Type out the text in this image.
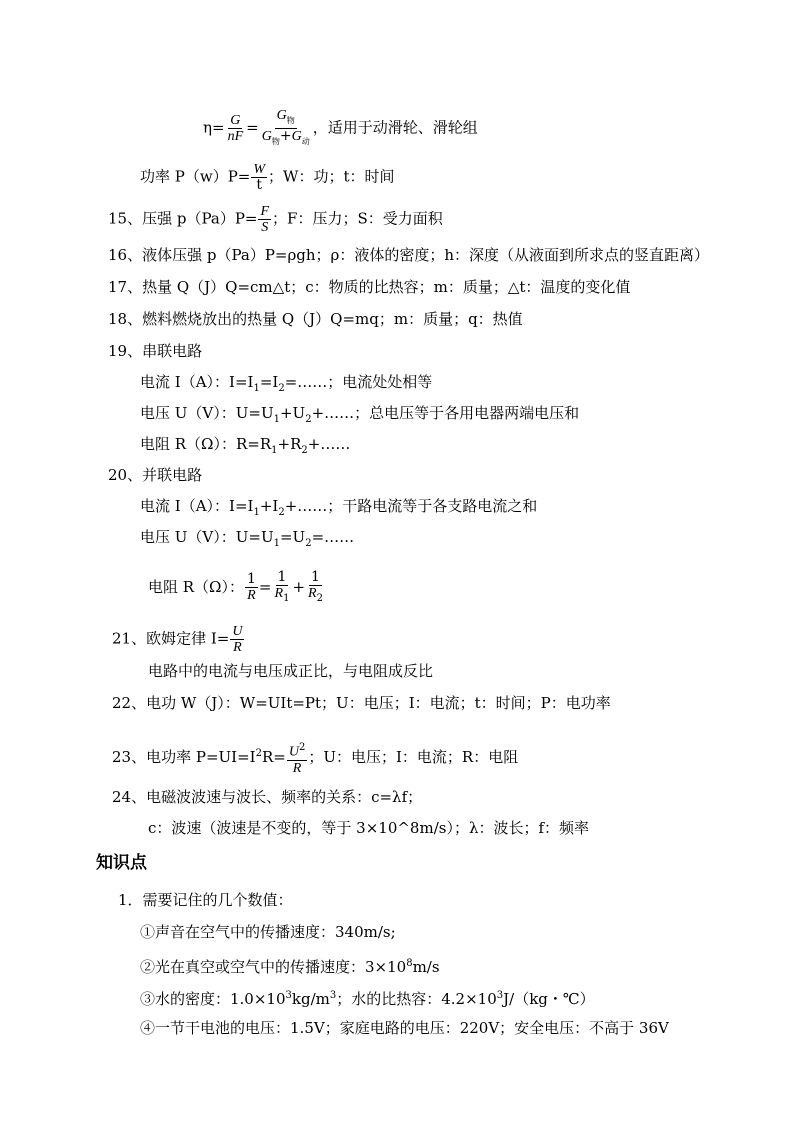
$\eta= \frac{G}{nF} = \frac{G_物}{G_物+G_动}$ ，适用于动滑轮、滑轮组
功率 $P(w)P= \frac{W}{t}$ ；W：功；t：时间
15、压强 $p(Pa)P= \frac{F}{S}$ ；F：压力；S：受力面积
16、液体压强 p（Pa）P=ρgh；ρ：液体的密度；h：深度（从液面到所求点的竖直距离）
17、热量 Q（J）Q=cm△t；c：物质的比热容；m：质量；△t：温度的变化值
18、燃料燃烧放出的热量 Q（J）Q=mq；m：质量；q：热值
19、串联电路
电流 I（A）：$I=I_1=I_2=\dots\dots$；电流处处相等
电压 U（V）：$U=U_1+U_2+\dots\dots$；总电压等于各用电器两端电压和
电阻 R（Ω）：$R=R_1+R_2+\dots\dots$
20、并联电路
电流 I（A）：$I=I_1+I_2+\dots\dots$；干路电流等于各支路电流之和
电压 U（V）：$U=U_1=U_2=\dots\dots$
电阻 R（Ω）： $\frac{1}{R} = \frac{1}{R_1} + \frac{1}{R_2}$
21、欧姆定律 $I= \frac{U}{R}$
电路中的电流与电压成正比，与电阻成反比
22、电功 W（J）：W=UIt=Pt；U：电压；I：电流；t：时间；P：电功率
23、电功率 $P=UI=I^2R= \frac{U^2}{R}$ ；U：电压；I：电流；R：电阻
24、电磁波波速与波长、频率的关系：c=λf；
c：波速（波速是不变的，等于 3×10^8m/s）；λ：波长；f：频率
知识点
1．需要记住的几个数值：
①声音在空气中的传播速度：340m/s;
②光在真空或空气中的传播速度：$3\times 10^8m/s$
③水的密度：$1.0\times 10^3kg/m^3$；水的比热容：$4.2\times 10^3J/(kg$・℃）
④一节干电池的电压：1.5V；家庭电路的电压：220V；安全电压：不高于 36V
